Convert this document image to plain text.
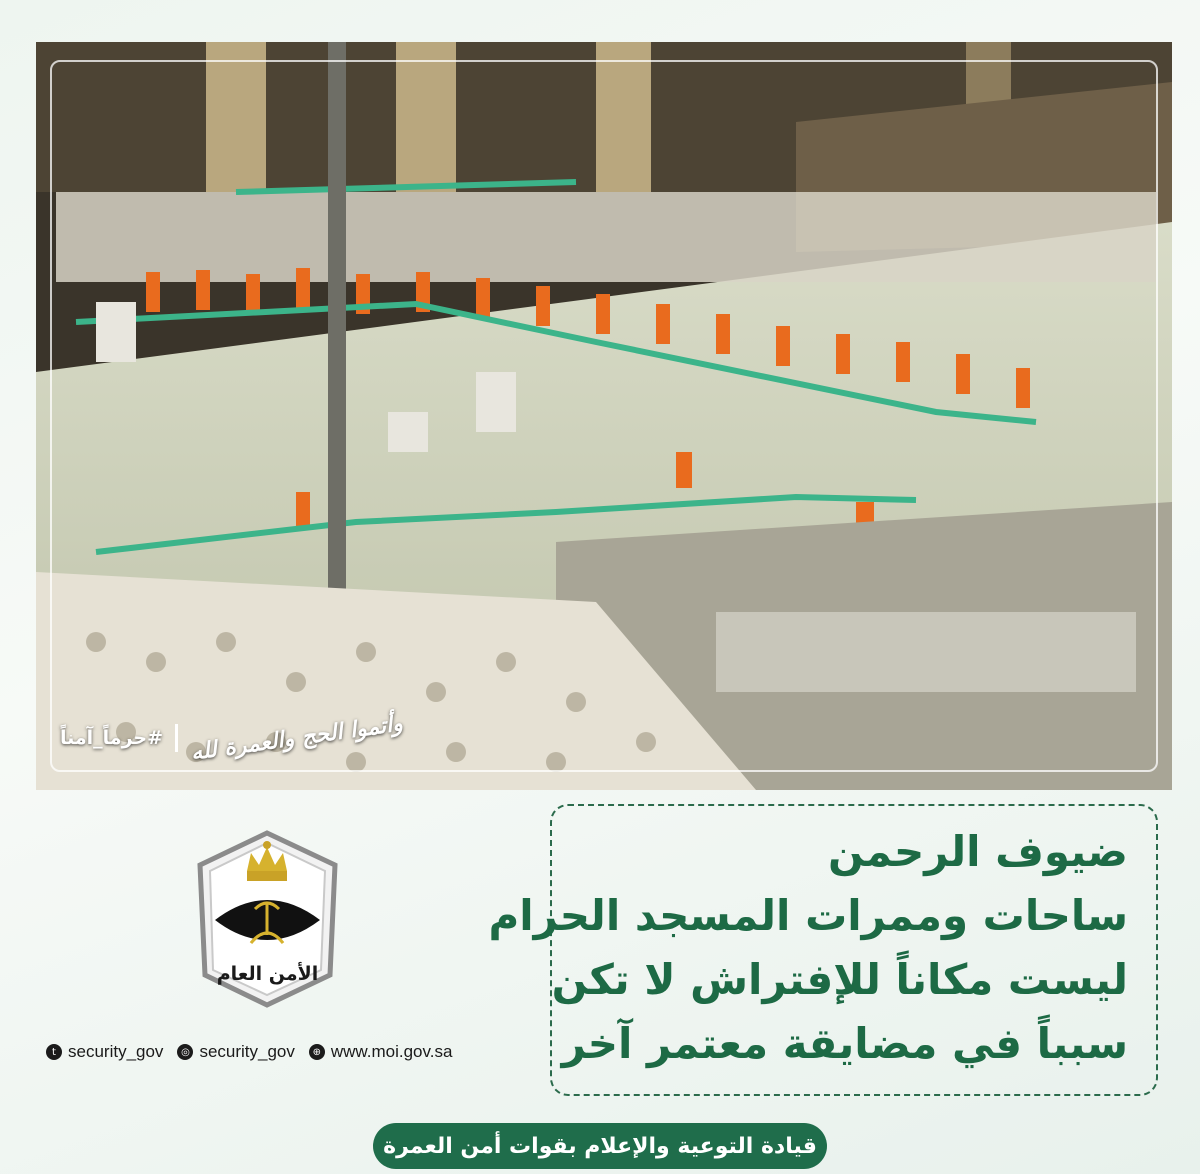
#حرماً_آمناً وأتموا الحج والعمرة لله
الأمن العام
ضيوف الرحمن
ساحات وممرات المسجد الحرام
ليست مكاناً للإفتراش لا تكن
سبباً في مضايقة معتمر آخر
t security_gov	◎ security_gov	⊕ www.moi.gov.sa
قيادة التوعية والإعلام بقوات أمن العمرة
